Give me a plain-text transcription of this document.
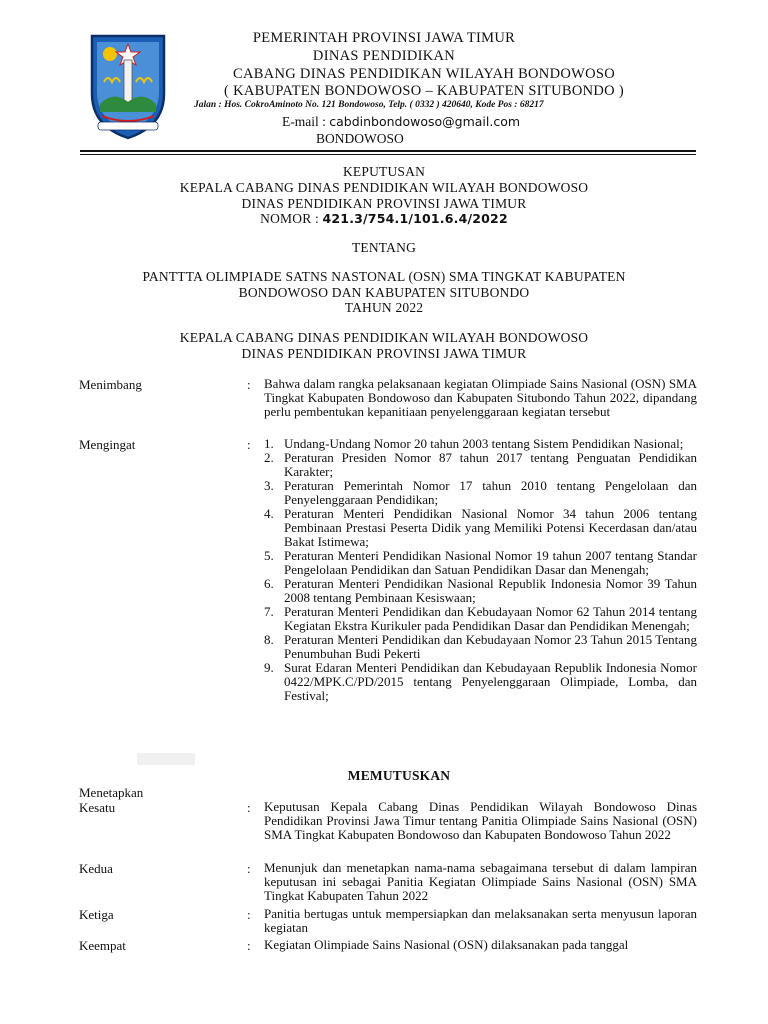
PEMERINTAH PROVINSI JAWA TIMUR
DINAS PENDIDIKAN
CABANG DINAS PENDIDIKAN WILAYAH BONDOWOSO
( KABUPATEN BONDOWOSO – KABUPATEN SITUBONDO )
Jalan : Hos. CokroAminoto No. 121 Bondowoso, Telp. ( 0332 ) 420640, Kode Pos : 68217
E-mail : cabdinbondowoso@gmail.com
BONDOWOSO
KEPUTUSAN
KEPALA CABANG DINAS PENDIDIKAN WILAYAH BONDOWOSO
DINAS PENDIDIKAN PROVINSI JAWA TIMUR
NOMOR : 421.3/754.1/101.6.4/2022
TENTANG
PANTTTA OLIMPIADE SATNS NASTONAL (OSN) SMA TINGKAT KABUPATEN
BONDOWOSO DAN KABUPATEN SITUBONDO
TAHUN 2022
KEPALA CABANG DINAS PENDIDIKAN WILAYAH BONDOWOSO
DINAS PENDIDIKAN PROVINSI JAWA TIMUR
Menimbang	: Bahwa dalam rangka pelaksanaan kegiatan Olimpiade Sains Nasional (OSN) SMA Tingkat Kabupaten Bondowoso dan Kabupaten Situbondo Tahun 2022, dipandang perlu pembentukan kepanitiaan penyelenggaraan kegiatan tersebut
Mengingat	: 1. Undang-Undang Nomor 20 tahun 2003 tentang Sistem Pendidikan Nasional;
2. Peraturan Presiden Nomor 87 tahun 2017 tentang Penguatan Pendidikan Karakter;
3. Peraturan Pemerintah Nomor 17 tahun 2010 tentang Pengelolaan dan Penyelenggaraan Pendidikan;
4. Peraturan Menteri Pendidikan Nasional Nomor 34 tahun 2006 tentang Pembinaan Prestasi Peserta Didik yang Memiliki Potensi Kecerdasan dan/atau Bakat Istimewa;
5. Peraturan Menteri Pendidikan Nasional Nomor 19 tahun 2007 tentang Standar Pengelolaan Pendidikan dan Satuan Pendidikan Dasar dan Menengah;
6. Peraturan Menteri Pendidikan Nasional Republik Indonesia Nomor 39 Tahun 2008 tentang Pembinaan Kesiswaan;
7. Peraturan Menteri Pendidikan dan Kebudayaan Nomor 62 Tahun 2014 tentang Kegiatan Ekstra Kurikuler pada Pendidikan Dasar dan Pendidikan Menengah;
8. Peraturan Menteri Pendidikan dan Kebudayaan Nomor 23 Tahun 2015 Tentang Penumbuhan Budi Pekerti
9. Surat Edaran Menteri Pendidikan dan Kebudayaan Republik Indonesia Nomor 0422/MPK.C/PD/2015 tentang Penyelenggaraan Olimpiade, Lomba, dan Festival;
MEMUTUSKAN
Menetapkan
Kesatu	: Keputusan Kepala Cabang Dinas Pendidikan Wilayah Bondowoso Dinas Pendidikan Provinsi Jawa Timur tentang Panitia Olimpiade Sains Nasional (OSN) SMA Tingkat Kabupaten Bondowoso dan Kabupaten Bondowoso Tahun 2022
Kedua	: Menunjuk dan menetapkan nama-nama sebagaimana tersebut di dalam lampiran keputusan ini sebagai Panitia Kegiatan Olimpiade Sains Nasional (OSN) SMA Tingkat Kabupaten Tahun 2022
Ketiga	: Panitia bertugas untuk mempersiapkan dan melaksanakan serta menyusun laporan kegiatan
Keempat	: Kegiatan Olimpiade Sains Nasional (OSN) dilaksanakan pada tanggal
